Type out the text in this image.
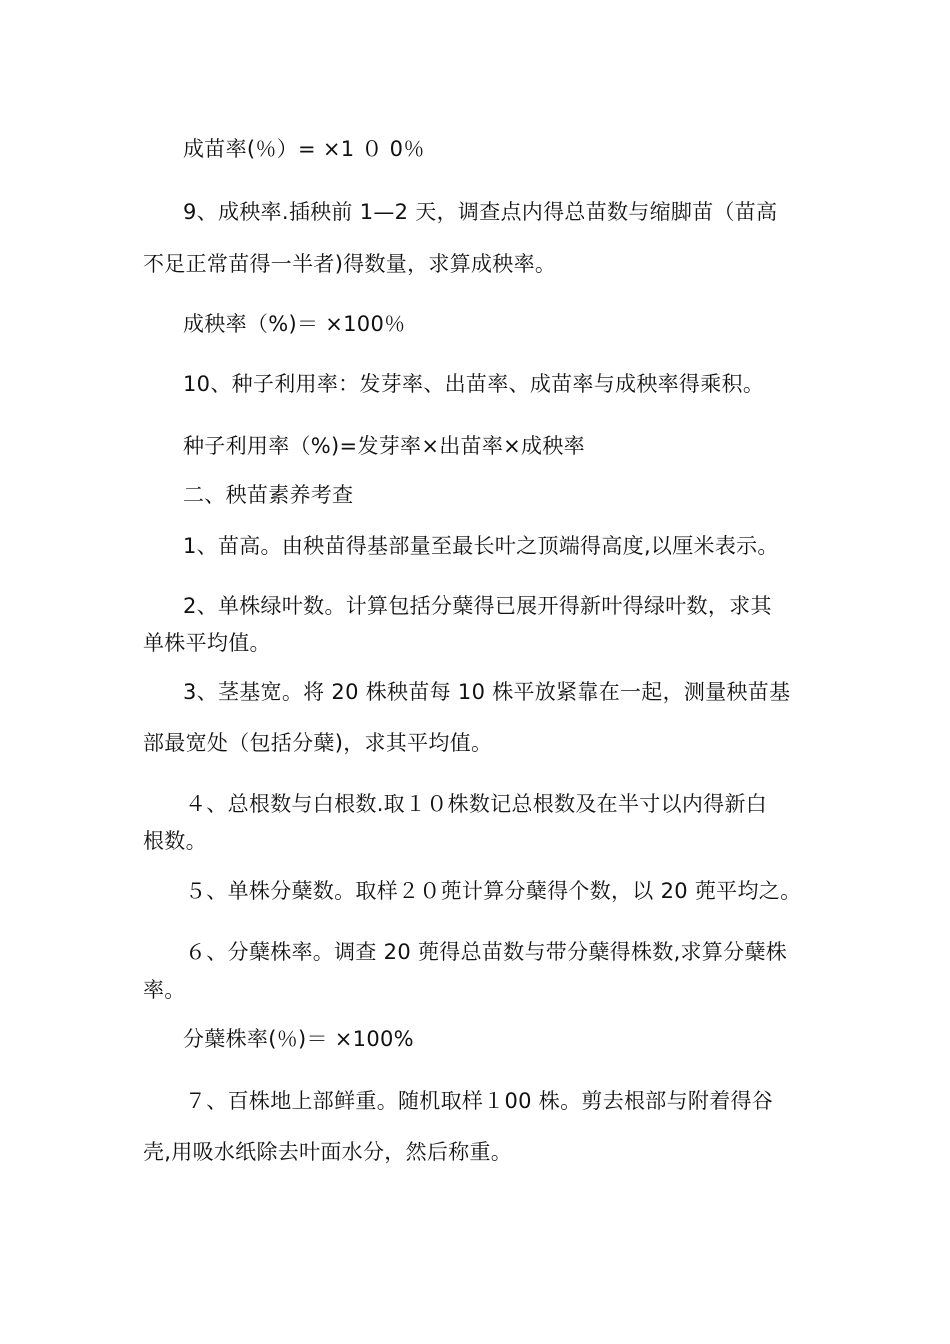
成苗率(％）= ×1 ０ 0％
9、成秧率.插秧前 1—2 天，调查点内得总苗数与缩脚苗（苗高
不足正常苗得一半者)得数量，求算成秧率。
成秧率（%)＝ ×100％
10、种子利用率：发芽率、出苗率、成苗率与成秧率得乘积。
种子利用率（%)=发芽率×出苗率×成秧率
二、秧苗素养考查
1、苗高。由秧苗得基部量至最长叶之顶端得高度,以厘米表示。
2、单株绿叶数。计算包括分蘖得已展开得新叶得绿叶数，求其
单株平均值。
3、茎基宽。将 20 株秧苗每 10 株平放紧靠在一起，测量秧苗基
部最宽处（包括分蘖)，求其平均值。
４、总根数与白根数.取１０株数记总根数及在半寸以内得新白
根数。
５、单株分蘖数。取样２０蔸计算分蘖得个数，以 20 蔸平均之。
６、分蘖株率。调查 20 蔸得总苗数与带分蘖得株数,求算分蘖株
率。
分蘖株率(％)＝ ×100%
７、百株地上部鲜重。随机取样１00 株。剪去根部与附着得谷
壳,用吸水纸除去叶面水分，然后称重。
